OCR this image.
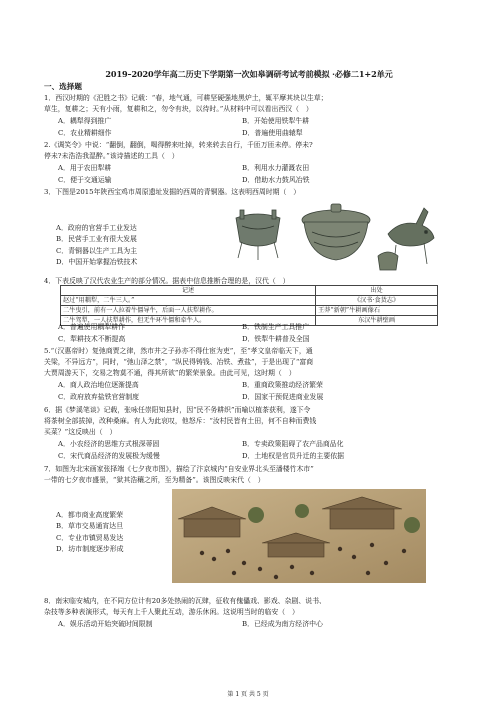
2019–2020学年高二历史下学期第一次如皋调研考试考前模拟 ·必修二1+2单元
一、选择题
1．西汉时期的《汜胜之书》记载：“春，地气通，可耕坚硬强地黑炉土，辄平摩其块以生草；
草生，复耕之；天有小雨，复耕和之，勿令有块，以待时。”从材料中可以看出西汉（　）
A．耦犁得到推广	B．开始使用铁犁牛耕
C．农业精耕细作	D．普遍使用曲辕犁
2.《调笑令》中说：“翻倒，翻倒，喝得醉来吐掉，转来转去自行，千匝万匝未停。停未?
停未?未浩浩我湿醉。”该诗描述的工具（　）
A．用于农田犁耕	B．利用水力灌溉农田
C．便于交通运输	D．借助水力鼓风冶铁
3．下图是2015年陕西宝鸡市周原遗址发掘的西周的青铜器。这表明西周时期（　）
A．政府的官营手工业发达
B．民营手工业有很大发展
C．青铜器以生产工具为主
D．中国开始掌握冶铁技术
4．下表反映了汉代农业生产的部分情况。据表中信息推断合理的是，汉代（　）
记述	出处
赵过“用耦犁，二牛三人。”	《汉书·食货志》
二牛曳引，前有一人拉着牛僵导牛，后面一人扶犁耕作。	王莽“新朝”牛耕画像石
二牛驾犁，一人扶犁耕作，但无牛环牛僵和牵牛人。	东汉牛耕壁画
A．普遍使用耦犁耕作	B．铁制生产工具推广
C．犁耕技术不断提高	D．铁犁牛耕普及全国
5.“（汉惠帝时）复弛商贾之律，然市井之子孙亦不得仕宦为吏”，至“孝文皇帝临天下，通
关梁，不异远方”，同时，“弛山泽之禁”，“纵民得铸钱、冶铁、煮盐”，于是出现了“富商
大贾周游天下，交易之物莫不通，得其所欲”的繁荣景象。由此可见，这时期（　）
A．商人政治地位逐渐提高	B．重商政策推动经济繁荣
C．政府放弃盐铁官营制度	D．国家干预促进商业发展
6．据《梦溪笔谈》记载，张咏任崇阳知县时，因“民不务耕织”而喻以植茶获利，遂下令
将茶树全部拔掉，改种桑麻。有人为此哀叹，他怒斥：“汝村民皆有土田，何不自种而费钱
买菜？”这反映出（　）
A．小农经济的思维方式根深蒂固	B．专卖政策阻碍了农产品商品化
C．宋代商品经济的发展极为缓慢	D．土地权是官员升迁的主要依据
7．如图为北宋画家张择端《七夕夜市图》，描绘了汴京城内“自安业界北头至潘楼竹木市”
一带的七夕夜市盛景，“狱其浩穰之所，至为精备”。该图反映宋代（　）
A．都市商业高度繁荣
B．草市交易通宵达旦
C．专业市镇贸易发达
D．坊市制度逐步形成
8．南宋临安城内，在不同方位计有20多处热闹的瓦肆，征收有傀儡戏、影戏、杂剧、说书、
杂技等多种表演形式，每天有上千人聚此互动，游乐休闲。这说明当时的临安（　）
A．娱乐活动开始突破时间限制	B．已经成为南方经济中心
第 1 页 共 5 页
